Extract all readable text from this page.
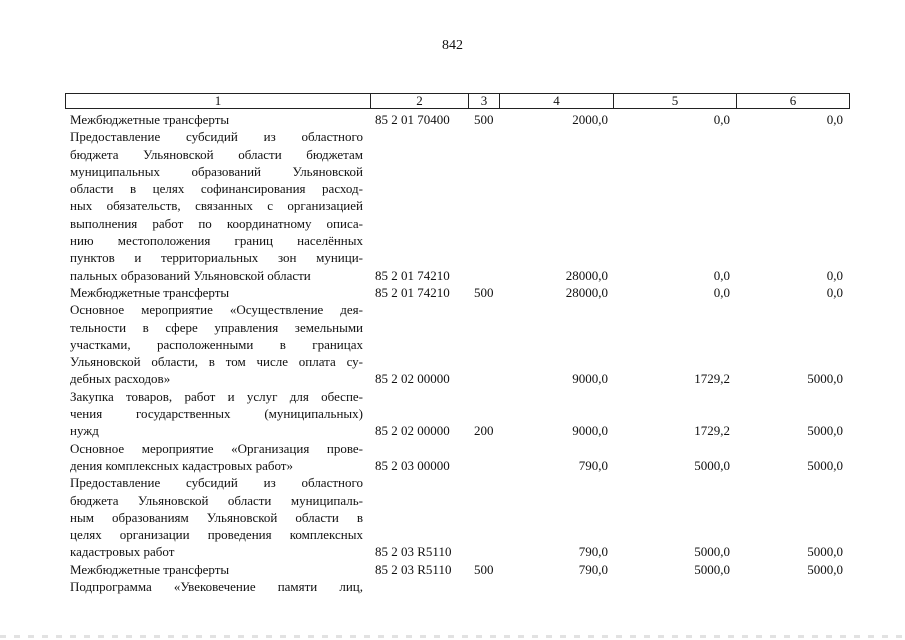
842
1	2	3	4	5	6
Межбюджетные трансферты	85 2 01 70400 500	2000,0	0,0	0,0
Предоставление субсидий из областного
бюджета Ульяновской области бюджетам
муниципальных образований Ульяновской
области в целях софинансирования расход-
ных обязательств, связанных с организацией
выполнения работ по координатному описа-
нию местоположения границ населённых
пунктов и территориальных зон муници-
пальных образований Ульяновской области	85 2 01 74210	28000,0	0,0	0,0
Межбюджетные трансферты	85 2 01 74210 500	28000,0	0,0	0,0
Основное мероприятие «Осуществление дея-
тельности в сфере управления земельными
участками, расположенными в границах
Ульяновской области, в том числе оплата су-
дебных расходов»	85 2 02 00000	9000,0	1729,2	5000,0
Закупка товаров, работ и услуг для обеспе-
чения государственных (муниципальных)
нужд	85 2 02 00000 200	9000,0	1729,2	5000,0
Основное мероприятие «Организация прове-
дения комплексных кадастровых работ»	85 2 03 00000	790,0	5000,0	5000,0
Предоставление субсидий из областного
бюджета Ульяновской области муниципаль-
ным образованиям Ульяновской области в
целях организации проведения комплексных
кадастровых работ	85 2 03 R5110	790,0	5000,0	5000,0
Межбюджетные трансферты	85 2 03 R5110 500	790,0	5000,0	5000,0
Подпрограмма «Увековечение памяти лиц,
